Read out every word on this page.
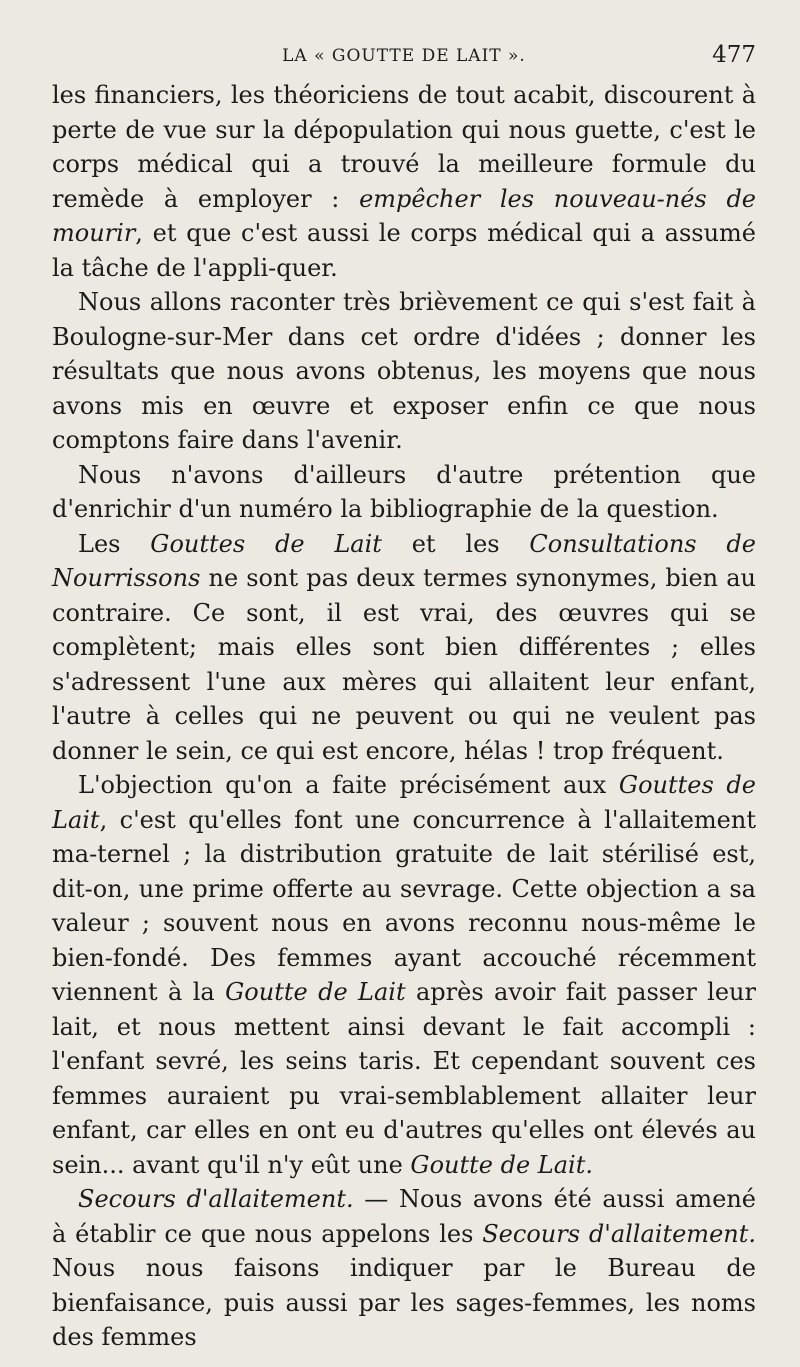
LA « GOUTTE DE LAIT ».	477

les financiers, les théoriciens de tout acabit, discourent à perte de vue sur la dépopulation qui nous guette, c'est le corps médical qui a trouvé la meilleure formule du remède à employer : empêcher les nouveau-nés de mourir, et que c'est aussi le corps médical qui a assumé la tâche de l'appli-quer.

Nous allons raconter très brièvement ce qui s'est fait à Boulogne-sur-Mer dans cet ordre d'idées ; donner les résultats que nous avons obtenus, les moyens que nous avons mis en œuvre et exposer enfin ce que nous comptons faire dans l'avenir.

Nous n'avons d'ailleurs d'autre prétention que d'enrichir d'un numéro la bibliographie de la question.

Les Gouttes de Lait et les Consultations de Nourrissons ne sont pas deux termes synonymes, bien au contraire. Ce sont, il est vrai, des œuvres qui se complètent; mais elles sont bien différentes ; elles s'adressent l'une aux mères qui allaitent leur enfant, l'autre à celles qui ne peuvent ou qui ne veulent pas donner le sein, ce qui est encore, hélas ! trop fréquent.

L'objection qu'on a faite précisément aux Gouttes de Lait, c'est qu'elles font une concurrence à l'allaitement ma-ternel ; la distribution gratuite de lait stérilisé est, dit-on, une prime offerte au sevrage. Cette objection a sa valeur ; souvent nous en avons reconnu nous-même le bien-fondé. Des femmes ayant accouché récemment viennent à la Goutte de Lait après avoir fait passer leur lait, et nous mettent ainsi devant le fait accompli : l'enfant sevré, les seins taris. Et cependant souvent ces femmes auraient pu vrai-semblablement allaiter leur enfant, car elles en ont eu d'autres qu'elles ont élevés au sein... avant qu'il n'y eût une Goutte de Lait.

Secours d'allaitement. — Nous avons été aussi amené à établir ce que nous appelons les Secours d'allaitement. Nous nous faisons indiquer par le Bureau de bienfaisance, puis aussi par les sages-femmes, les noms des femmes
